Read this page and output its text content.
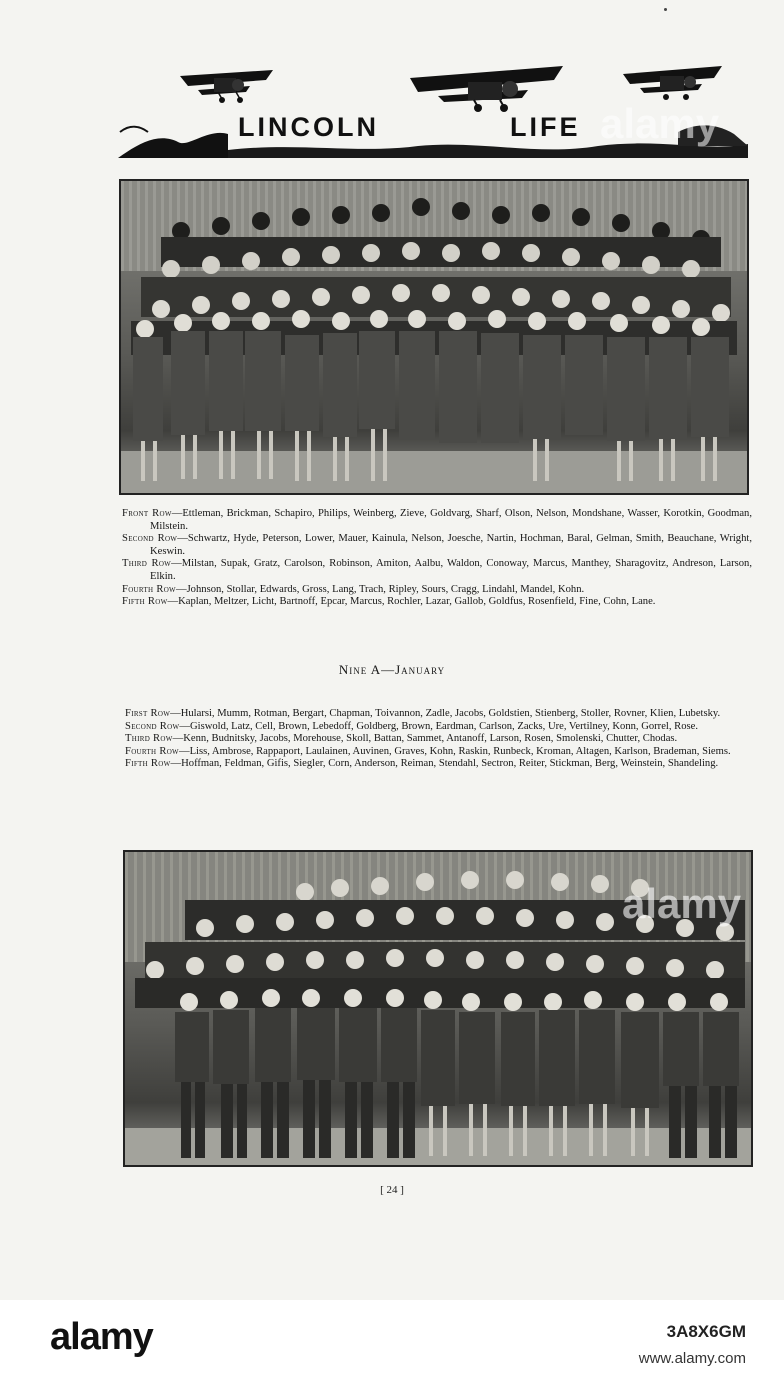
LINCOLN	LIFE alamy

Front Row—Ettleman, Brickman, Schapiro, Philips, Weinberg, Zieve, Goldvarg, Sharf, Olson, Nelson, Mondshane, Wasser, Korotkin, Goodman, Milstein.

Second Row—Schwartz, Hyde, Peterson, Lower, Mauer, Kainula, Nelson, Joesche, Nartin, Hochman, Baral, Gelman, Smith, Beauchane, Wright, Keswin.

Third Row—Milstan, Supak, Gratz, Carolson, Robinson, Amiton, Aalbu, Waldon, Conoway, Marcus, Manthey, Sharagovitz, Andreson, Larson, Elkin.

Fourth Row—Johnson, Stollar, Edwards, Gross, Lang, Trach, Ripley, Sours, Cragg, Lindahl, Mandel, Kohn.

Fifth Row—Kaplan, Meltzer, Licht, Bartnoff, Epcar, Marcus, Rochler, Lazar, Gallob, Goldfus, Rosenfield, Fine, Cohn, Lane.

Nine A—January

First Row—Hularsi, Mumm, Rotman, Bergart, Chapman, Toivannon, Zadle, Jacobs, Goldstien, Stienberg, Stoller, Rovner, Klien, Lubetsky.

Second Row—Giswold, Latz, Cell, Brown, Lebedoff, Goldberg, Brown, Eardman, Carlson, Zacks, Ure, Vertilney, Konn, Gorrel, Rose.

Third Row—Kenn, Budnitsky, Jacobs, Morehouse, Skoll, Battan, Sammet, Antanoff, Larson, Rosen, Smolenski, Chutter, Chodas.

Fourth Row—Liss, Ambrose, Rappaport, Laulainen, Auvinen, Graves, Kohn, Raskin, Runbeck, Kroman, Altagen, Karlson, Brademan, Siems.

Fifth Row—Hoffman, Feldman, Gifis, Siegler, Corn, Anderson, Reiman, Stendahl, Sectron, Reiter, Stickman, Berg, Weinstein, Shandeling.

alamy
[ 24 ]
alamy	3A8X6GM
www.alamy.com
